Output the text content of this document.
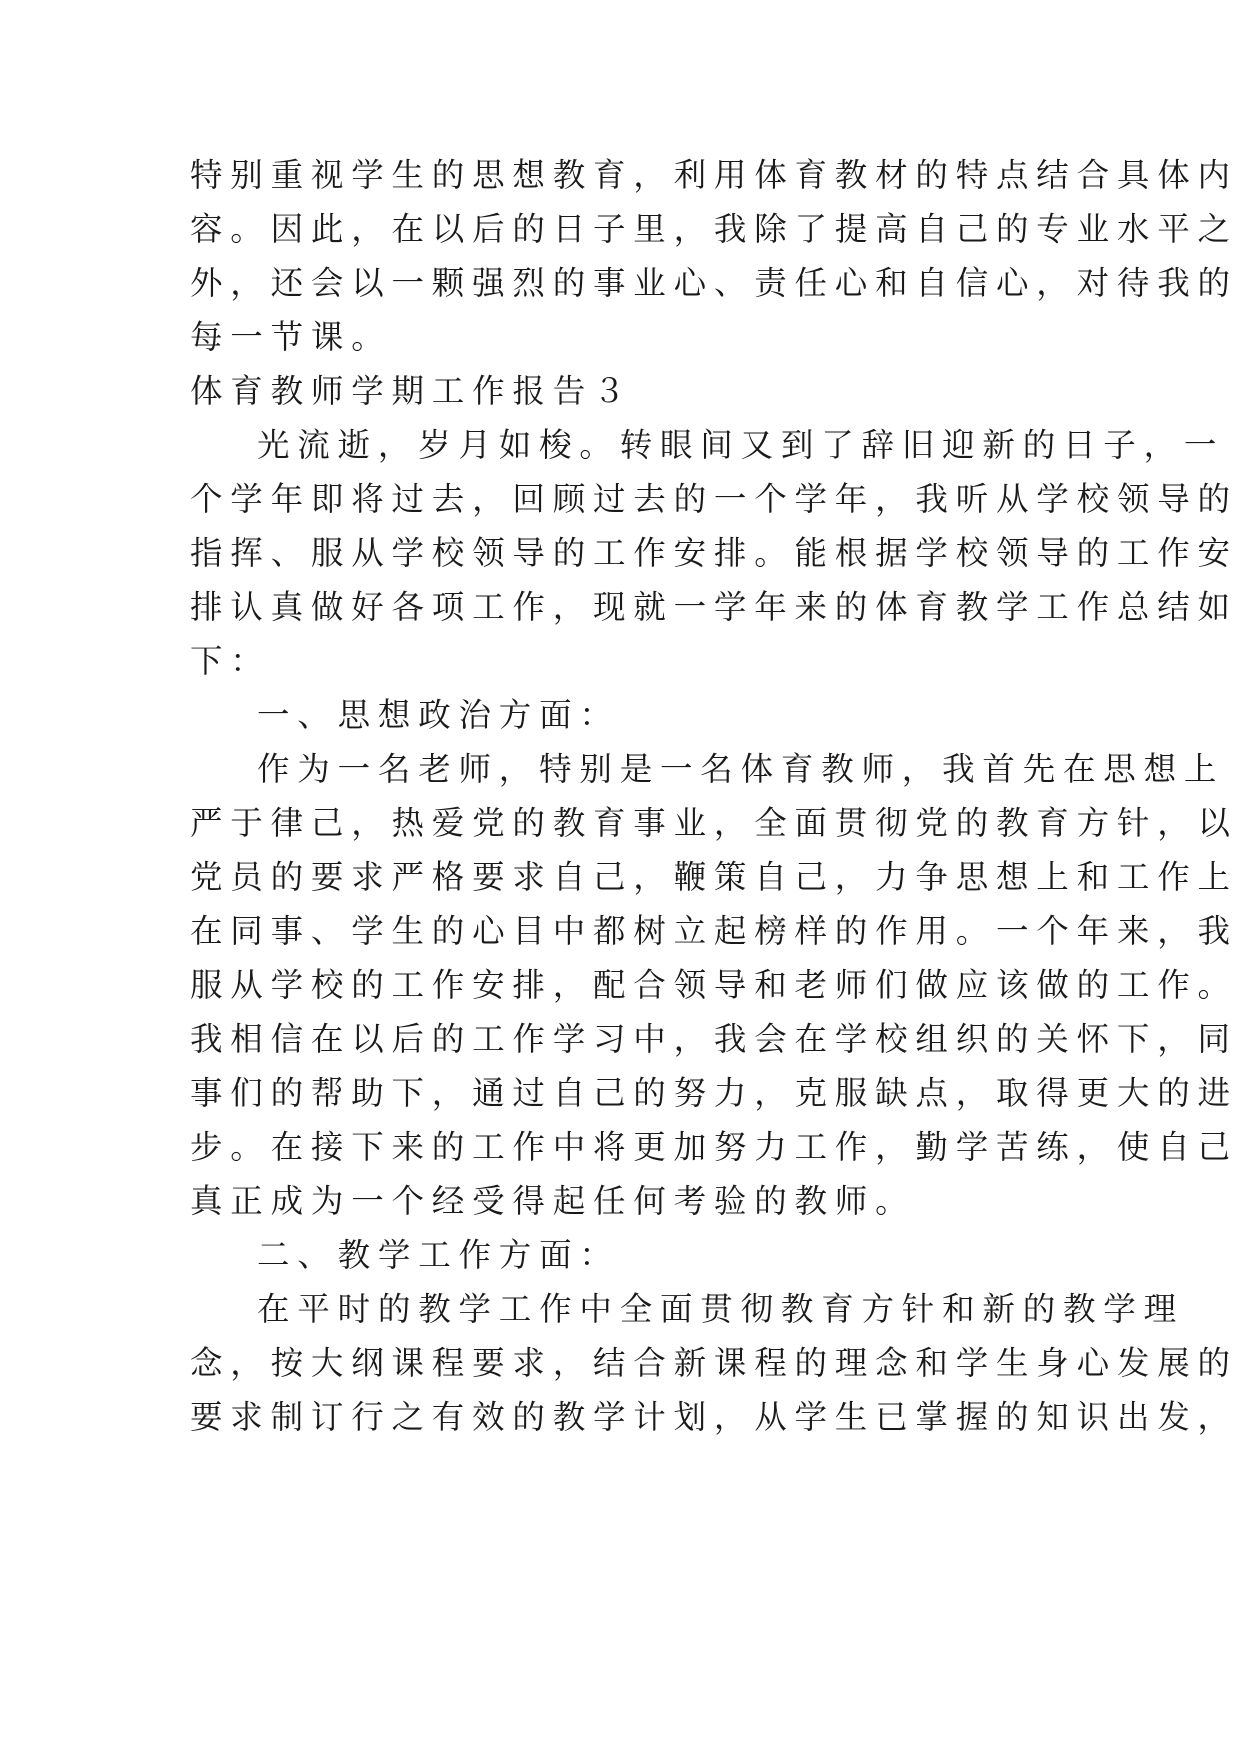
特别重视学生的思想教育，利用体育教材的特点结合具体内

容。因此，在以后的日子里，我除了提高自己的专业水平之

外，还会以一颗强烈的事业心、责任心和自信心，对待我的

每一节课。

体育教师学期工作报告３

光流逝，岁月如梭。转眼间又到了辞旧迎新的日子，一

个学年即将过去，回顾过去的一个学年，我听从学校领导的

指挥、服从学校领导的工作安排。能根据学校领导的工作安

排认真做好各项工作，现就一学年来的体育教学工作总结如

下：

一、思想政治方面：

作为一名老师，特别是一名体育教师，我首先在思想上

严于律己，热爱党的教育事业，全面贯彻党的教育方针，以

党员的要求严格要求自己，鞭策自己，力争思想上和工作上

在同事、学生的心目中都树立起榜样的作用。一个年来，我

服从学校的工作安排，配合领导和老师们做应该做的工作。

我相信在以后的工作学习中，我会在学校组织的关怀下，同

事们的帮助下，通过自己的努力，克服缺点，取得更大的进

步。在接下来的工作中将更加努力工作，勤学苦练，使自己

真正成为一个经受得起任何考验的教师。

二、教学工作方面：

在平时的教学工作中全面贯彻教育方针和新的教学理

念，按大纲课程要求，结合新课程的理念和学生身心发展的

要求制订行之有效的教学计划，从学生已掌握的知识出发，
